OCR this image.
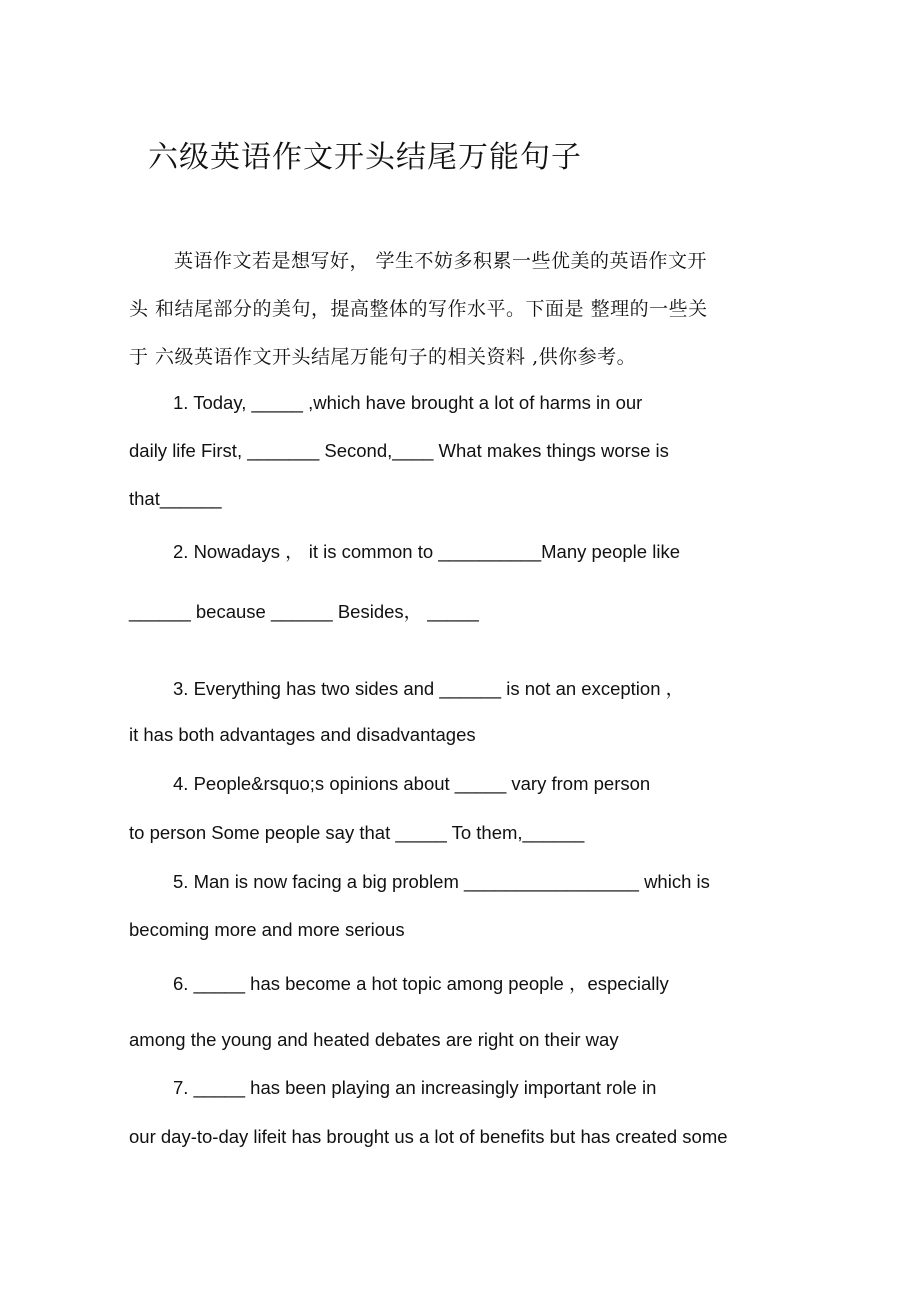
六级英语作文开头结尾万能句子
英语作文若是想写好， 学生不妨多积累一些优美的英语作文开
头 和结尾部分的美句，提高整体的写作水平。下面是 整理的一些关
于 六级英语作文开头结尾万能句子的相关资料 ,供你参考。
1. Today, _____ ,which have brought a lot of harms in our
daily life First, _______ Second,____ What makes things worse is
that______
2. Nowadays ， it is common to __________Many people like
______ because ______ Besides， _____
3. Everything has two sides and ______ is not an exception ，
it has both advantages and disadvantages
4. People&rsquo;s opinions about _____ vary from person
to person Some people say that _____ To them,______
5. Man is now facing a big problem _________________ which is
becoming more and more serious
6. _____ has become a hot topic among people ，especially
among the young and heated debates are right on their way
7. _____ has been playing an increasingly important role in
our day-to-day lifeit has brought us a lot of benefits but has created some
